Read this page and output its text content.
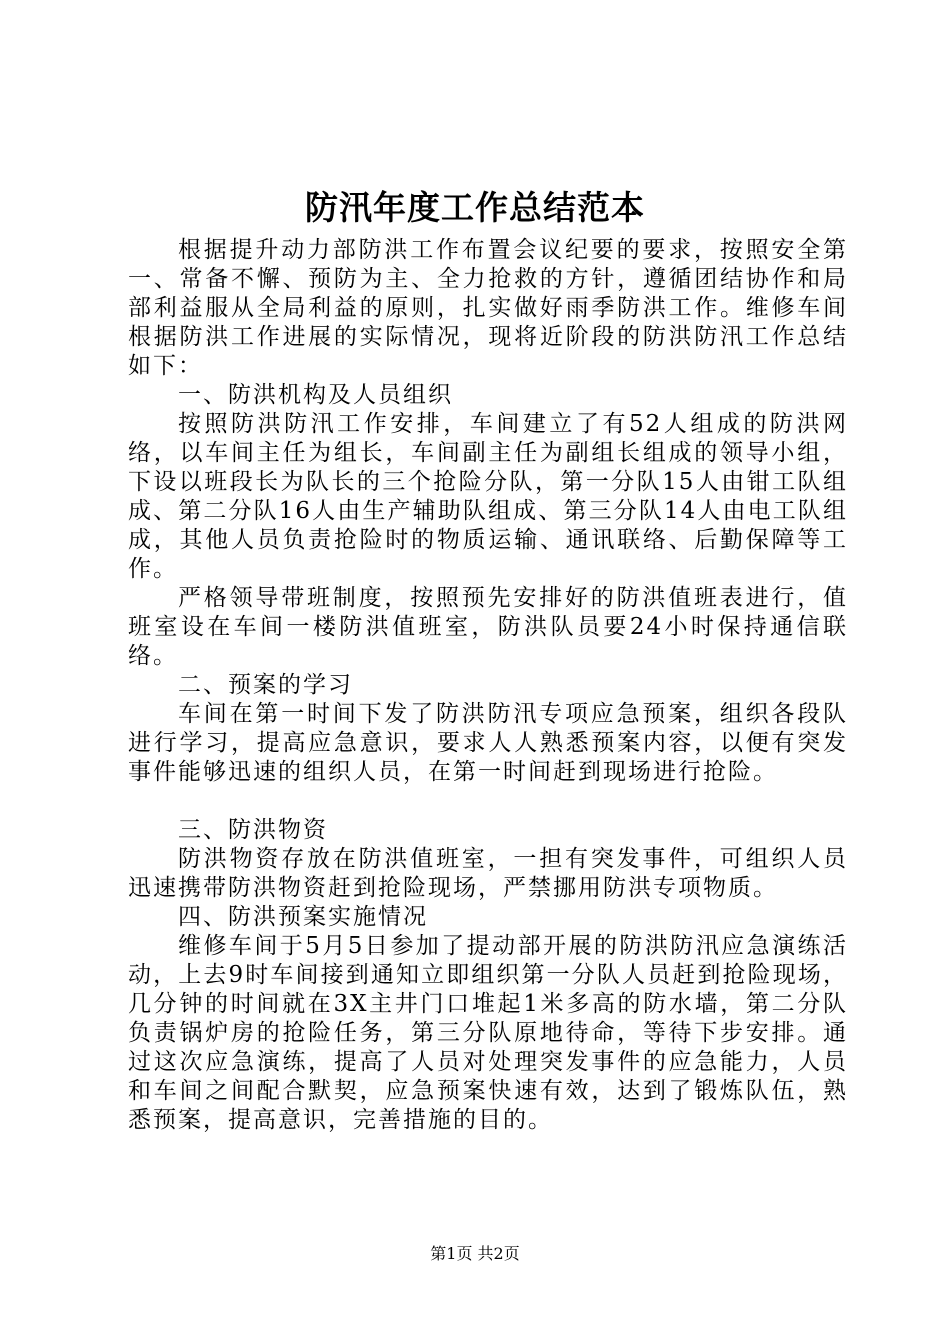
防汛年度工作总结范本

根据提升动力部防洪工作布置会议纪要的要求，按照安全第一、常备不懈、预防为主、全力抢救的方针，遵循团结协作和局部利益服从全局利益的原则，扎实做好雨季防洪工作。维修车间根据防洪工作进展的实际情况，现将近阶段的防洪防汛工作总结如下：

一、防洪机构及人员组织

按照防洪防汛工作安排，车间建立了有52人组成的防洪网络，以车间主任为组长，车间副主任为副组长组成的领导小组，下设以班段长为队长的三个抢险分队，第一分队15人由钳工队组成、第二分队16人由生产辅助队组成、第三分队14人由电工队组成，其他人员负责抢险时的物质运输、通讯联络、后勤保障等工作。

严格领导带班制度，按照预先安排好的防洪值班表进行，值班室设在车间一楼防洪值班室，防洪队员要24小时保持通信联络。

二、预案的学习

车间在第一时间下发了防洪防汛专项应急预案，组织各段队进行学习，提高应急意识，要求人人熟悉预案内容，以便有突发事件能够迅速的组织人员，在第一时间赶到现场进行抢险。

三、防洪物资

防洪物资存放在防洪值班室，一担有突发事件，可组织人员迅速携带防洪物资赶到抢险现场，严禁挪用防洪专项物质。

四、防洪预案实施情况

维修车间于5月5日参加了提动部开展的防洪防汛应急演练活动，上去9时车间接到通知立即组织第一分队人员赶到抢险现场，几分钟的时间就在3X主井门口堆起1米多高的防水墙，第二分队负责锅炉房的抢险任务，第三分队原地待命，等待下步安排。通过这次应急演练，提高了人员对处理突发事件的应急能力，人员和车间之间配合默契，应急预案快速有效，达到了锻炼队伍，熟悉预案，提高意识，完善措施的目的。

第1页 共2页
